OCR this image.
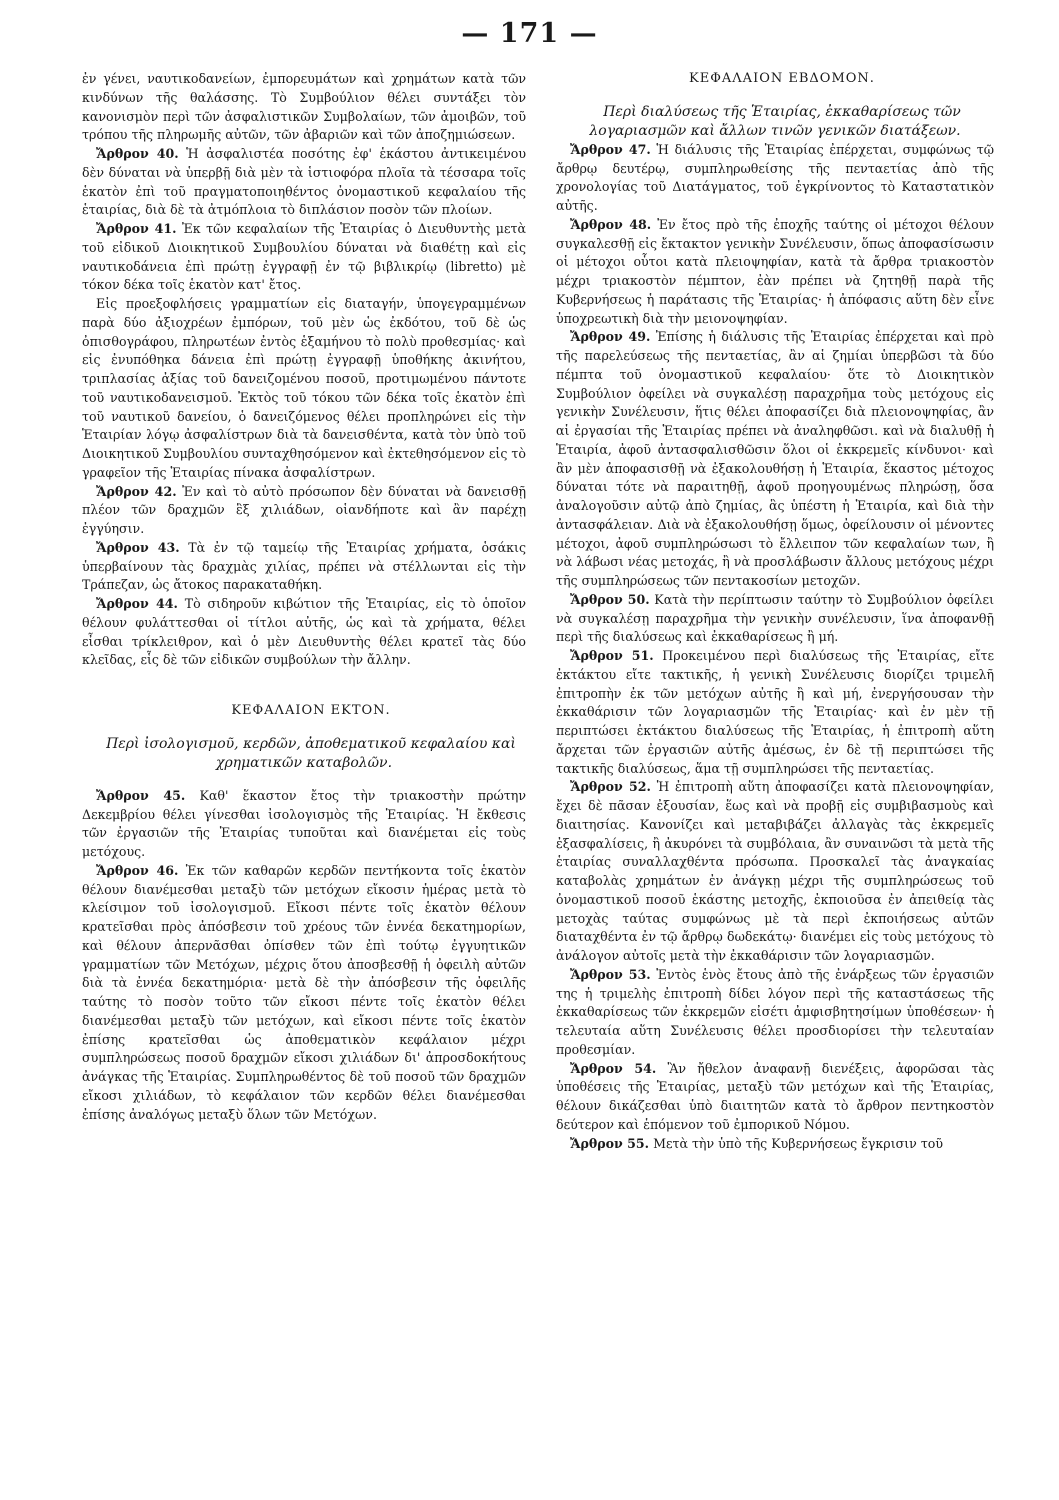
— 171 —

ἐν γένει, ναυτικοδανείων, ἐμπορευμάτων καὶ χρημάτων κατὰ τῶν κινδύνων τῆς θαλάσσης. Τὸ Συμβούλιον θέλει συντάξει τὸν κανονισμὸν περὶ τῶν ἀσφαλιστικῶν Συμβολαίων, τῶν ἀμοιβῶν, τοῦ τρόπου τῆς πληρωμῆς αὐτῶν, τῶν ἀβαριῶν καὶ τῶν ἀποζημιώσεων.

Ἄρθρον 40. Ἡ ἀσφαλιστέα ποσότης ἐφ' ἑκάστου ἀντικειμένου δὲν δύναται νὰ ὑπερβῇ διὰ μὲν τὰ ἱστιοφόρα πλοῖα τὰ τέσσαρα τοῖς ἑκατὸν ἐπὶ τοῦ πραγματοποιηθέντος ὀνομαστικοῦ κεφαλαίου τῆς ἑταιρίας, διὰ δὲ τὰ ἀτμόπλοια τὸ διπλάσιον ποσὸν τῶν πλοίων.

Ἄρθρον 41. Ἐκ τῶν κεφαλαίων τῆς Ἑταιρίας ὁ Διευθυντὴς μετὰ τοῦ εἰδικοῦ Διοικητικοῦ Συμβουλίου δύναται νὰ διαθέτῃ καὶ εἰς ναυτικοδάνεια ἐπὶ πρώτῃ ἐγγραφῇ ἐν τῷ βιβλικρίῳ (libretto) μὲ τόκον δέκα τοῖς ἑκατὸν κατ' ἔτος.

Εἰς προεξοφλήσεις γραμματίων εἰς διαταγήν, ὑπογεγραμμένων παρὰ δύο ἀξιοχρέων ἐμπόρων, τοῦ μὲν ὡς ἐκδότου, τοῦ δὲ ὡς ὀπισθογράφου, πληρωτέων ἐντὸς ἑξαμήνου τὸ πολὺ προθεσμίας· καὶ εἰς ἐνυπόθηκα δάνεια ἐπὶ πρώτῃ ἐγγραφῇ ὑποθήκης ἀκινήτου, τριπλασίας ἀξίας τοῦ δανειζομένου ποσοῦ, προτιμωμένου πάντοτε τοῦ ναυτικοδανεισμοῦ. Ἐκτὸς τοῦ τόκου τῶν δέκα τοῖς ἑκατὸν ἐπὶ τοῦ ναυτικοῦ δανείου, ὁ δανειζόμενος θέλει προπληρώνει εἰς τὴν Ἑταιρίαν λόγῳ ἀσφαλίστρων διὰ τὰ δανεισθέντα, κατὰ τὸν ὑπὸ τοῦ Διοικητικοῦ Συμβουλίου συνταχθησόμενον καὶ ἐκτεθησόμενον εἰς τὸ γραφεῖον τῆς Ἑταιρίας πίνακα ἀσφαλίστρων.

Ἄρθρον 42. Ἐν καὶ τὸ αὐτὸ πρόσωπον δὲν δύναται νὰ δανεισθῇ πλέον τῶν δραχμῶν ἓξ χιλιάδων, οἱανδήποτε καὶ ἂν παρέχῃ ἐγγύησιν.

Ἄρθρον 43. Τὰ ἐν τῷ ταμείῳ τῆς Ἑταιρίας χρήματα, ὁσάκις ὑπερβαίνουν τὰς δραχμὰς χιλίας, πρέπει νὰ στέλλωνται εἰς τὴν Τράπεζαν, ὡς ἄτοκος παρακαταθήκη.

Ἄρθρον 44. Τὸ σιδηροῦν κιβώτιον τῆς Ἑταιρίας, εἰς τὸ ὁποῖον θέλουν φυλάττεσθαι οἱ τίτλοι αὐτῆς, ὡς καὶ τὰ χρήματα, θέλει εἶσθαι τρίκλειθρον, καὶ ὁ μὲν Διευθυντὴς θέλει κρατεῖ τὰς δύο κλεῖδας, εἷς δὲ τῶν εἰδικῶν συμβούλων τὴν ἄλλην.

ΚΕΦΑΛΑΙΟΝ ΕΚΤΟΝ.

Περὶ ἰσολογισμοῦ, κερδῶν, ἀποθεματικοῦ κεφαλαίου καὶ χρηματικῶν καταβολῶν.

Ἄρθρον 45. Καθ' ἕκαστον ἔτος τὴν τριακοστὴν πρώτην Δεκεμβρίου θέλει γίνεσθαι ἰσολογισμὸς τῆς Ἑταιρίας. Ἡ ἔκθεσις τῶν ἐργασιῶν τῆς Ἑταιρίας τυποῦται καὶ διανέμεται εἰς τοὺς μετόχους.

Ἄρθρον 46. Ἐκ τῶν καθαρῶν κερδῶν πεντήκοντα τοῖς ἑκατὸν θέλουν διανέμεσθαι μεταξὺ τῶν μετόχων εἴκοσιν ἡμέρας μετὰ τὸ κλείσιμον τοῦ ἰσολογισμοῦ. Εἴκοσι πέντε τοῖς ἑκατὸν θέλουν κρατεῖσθαι πρὸς ἀπόσβεσιν τοῦ χρέους τῶν ἐννέα δεκατημορίων, καὶ θέλουν ἀπερνᾶσθαι ὀπίσθεν τῶν ἐπὶ τούτῳ ἐγγυητικῶν γραμματίων τῶν Μετόχων, μέχρις ὅτου ἀποσβεσθῇ ἡ ὀφειλὴ αὐτῶν διὰ τὰ ἐννέα δεκατημόρια· μετὰ δὲ τὴν ἀπόσβεσιν τῆς ὀφειλῆς ταύτης τὸ ποσὸν τοῦτο τῶν εἴκοσι πέντε τοῖς ἑκατὸν θέλει διανέμεσθαι μεταξὺ τῶν μετόχων, καὶ εἴκοσι πέντε τοῖς ἑκατὸν ἐπίσης κρατεῖσθαι ὡς ἀποθεματικὸν κεφάλαιον μέχρι συμπληρώσεως ποσοῦ δραχμῶν εἴκοσι χιλιάδων δι' ἀπροσδοκήτους ἀνάγκας τῆς Ἑταιρίας. Συμπληρωθέντος δὲ τοῦ ποσοῦ τῶν δραχμῶν εἴκοσι χιλιάδων, τὸ κεφάλαιον τῶν κερδῶν θέλει διανέμεσθαι ἐπίσης ἀναλόγως μεταξὺ ὅλων τῶν Μετόχων.

ΚΕΦΑΛΑΙΟΝ ΕΒΔΟΜΟΝ.

Περὶ διαλύσεως τῆς Ἑταιρίας, ἐκκαθαρίσεως τῶν λογαριασμῶν καὶ ἄλλων τινῶν γενικῶν διατάξεων.

Ἄρθρον 47. Ἡ διάλυσις τῆς Ἑταιρίας ἐπέρχεται, συμφώνως τῷ ἄρθρῳ δευτέρῳ, συμπληρωθείσης τῆς πενταετίας ἀπὸ τῆς χρονολογίας τοῦ Διατάγματος, τοῦ ἐγκρίνοντος τὸ Καταστατικὸν αὐτῆς.

Ἄρθρον 48. Ἐν ἔτος πρὸ τῆς ἐποχῆς ταύτης οἱ μέτοχοι θέλουν συγκαλεσθῇ εἰς ἔκτακτον γενικὴν Συνέλευσιν, ὅπως ἀποφασίσωσιν οἱ μέτοχοι οὗτοι κατὰ πλειοψηφίαν, κατὰ τὰ ἄρθρα τριακοστὸν μέχρι τριακοστὸν πέμπτον, ἐὰν πρέπει νὰ ζητηθῇ παρὰ τῆς Κυβερνήσεως ἡ παράτασις τῆς Ἑταιρίας· ἡ ἀπόφασις αὕτη δὲν εἶνε ὑποχρεωτικὴ διὰ τὴν μειονοψηφίαν.

Ἄρθρον 49. Ἐπίσης ἡ διάλυσις τῆς Ἑταιρίας ἐπέρχεται καὶ πρὸ τῆς παρελεύσεως τῆς πενταετίας, ἂν αἱ ζημίαι ὑπερβῶσι τὰ δύο πέμπτα τοῦ ὀνομαστικοῦ κεφαλαίου· ὅτε τὸ Διοικητικὸν Συμβούλιον ὀφείλει νὰ συγκαλέσῃ παραχρῆμα τοὺς μετόχους εἰς γενικὴν Συνέλευσιν, ἥτις θέλει ἀποφασίζει διὰ πλειονοψηφίας, ἂν αἱ ἐργασίαι τῆς Ἑταιρίας πρέπει νὰ ἀναληφθῶσι. καὶ νὰ διαλυθῇ ἡ Ἑταιρία, ἀφοῦ ἀντασφαλισθῶσιν ὅλοι οἱ ἐκκρεμεῖς κίνδυνοι· καὶ ἂν μὲν ἀποφασισθῇ νὰ ἐξακολουθήσῃ ἡ Ἑταιρία, ἕκαστος μέτοχος δύναται τότε νὰ παραιτηθῇ, ἀφοῦ προηγουμένως πληρώσῃ, ὅσα ἀναλογοῦσιν αὐτῷ ἀπὸ ζημίας, ἃς ὑπέστη ἡ Ἑταιρία, καὶ διὰ τὴν ἀντασφάλειαν. Διὰ νὰ ἐξακολουθήσῃ ὅμως, ὀφείλουσιν οἱ μένοντες μέτοχοι, ἀφοῦ συμπληρώσωσι τὸ ἔλλειπον τῶν κεφαλαίων των, ἢ νὰ λάβωσι νέας μετοχάς, ἢ νὰ προσλάβωσιν ἄλλους μετόχους μέχρι τῆς συμπληρώσεως τῶν πεντακοσίων μετοχῶν.

Ἄρθρον 50. Κατὰ τὴν περίπτωσιν ταύτην τὸ Συμβούλιον ὀφείλει νὰ συγκαλέσῃ παραχρῆμα τὴν γενικὴν συνέλευσιν, ἵνα ἀποφανθῇ περὶ τῆς διαλύσεως καὶ ἐκκαθαρίσεως ἢ μή.

Ἄρθρον 51. Προκειμένου περὶ διαλύσεως τῆς Ἑταιρίας, εἴτε ἐκτάκτου εἴτε τακτικῆς, ἡ γενικὴ Συνέλευσις διορίζει τριμελῆ ἐπιτροπὴν ἐκ τῶν μετόχων αὐτῆς ἢ καὶ μή, ἐνεργήσουσαν τὴν ἐκκαθάρισιν τῶν λογαριασμῶν τῆς Ἑταιρίας· καὶ ἐν μὲν τῇ περιπτώσει ἐκτάκτου διαλύσεως τῆς Ἑταιρίας, ἡ ἐπιτροπὴ αὕτη ἄρχεται τῶν ἐργασιῶν αὐτῆς ἀμέσως, ἐν δὲ τῇ περιπτώσει τῆς τακτικῆς διαλύσεως, ἅμα τῇ συμπληρώσει τῆς πενταετίας.

Ἄρθρον 52. Ἡ ἐπιτροπὴ αὕτη ἀποφασίζει κατὰ πλειονοψηφίαν, ἔχει δὲ πᾶσαν ἐξουσίαν, ἕως καὶ νὰ προβῇ εἰς συμβιβασμοὺς καὶ διαιτησίας. Κανονίζει καὶ μεταβιβάζει ἀλλαγὰς τὰς ἐκκρεμεῖς ἐξασφαλίσεις, ἢ ἀκυρόνει τὰ συμβόλαια, ἂν συναινῶσι τὰ μετὰ τῆς ἑταιρίας συναλλαχθέντα πρόσωπα. Προσκαλεῖ τὰς ἀναγκαίας καταβολὰς χρημάτων ἐν ἀνάγκῃ μέχρι τῆς συμπληρώσεως τοῦ ὀνομαστικοῦ ποσοῦ ἑκάστης μετοχῆς, ἐκποιοῦσα ἐν ἀπειθείᾳ τὰς μετοχὰς ταύτας συμφώνως μὲ τὰ περὶ ἐκποιήσεως αὐτῶν διαταχθέντα ἐν τῷ ἄρθρῳ δωδεκάτῳ· διανέμει εἰς τοὺς μετόχους τὸ ἀνάλογον αὐτοῖς μετὰ τὴν ἐκκαθάρισιν τῶν λογαριασμῶν.

Ἄρθρον 53. Ἐντὸς ἑνὸς ἔτους ἀπὸ τῆς ἐνάρξεως τῶν ἐργασιῶν της ἡ τριμελὴς ἐπιτροπὴ δίδει λόγον περὶ τῆς καταστάσεως τῆς ἐκκαθαρίσεως τῶν ἐκκρεμῶν εἰσέτι ἀμφισβητησίμων ὑποθέσεων· ἡ τελευταία αὕτη Συνέλευσις θέλει προσδιορίσει τὴν τελευταίαν προθεσμίαν.

Ἄρθρον 54. Ἂν ἤθελον ἀναφανῇ διενέξεις, ἀφορῶσαι τὰς ὑποθέσεις τῆς Ἑταιρίας, μεταξὺ τῶν μετόχων καὶ τῆς Ἑταιρίας, θέλουν δικάζεσθαι ὑπὸ διαιτητῶν κατὰ τὸ ἄρθρον πεντηκοστὸν δεύτερον καὶ ἑπόμενον τοῦ ἐμπορικοῦ Νόμου.

Ἄρθρον 55. Μετὰ τὴν ὑπὸ τῆς Κυβερνήσεως ἔγκρισιν τοῦ
